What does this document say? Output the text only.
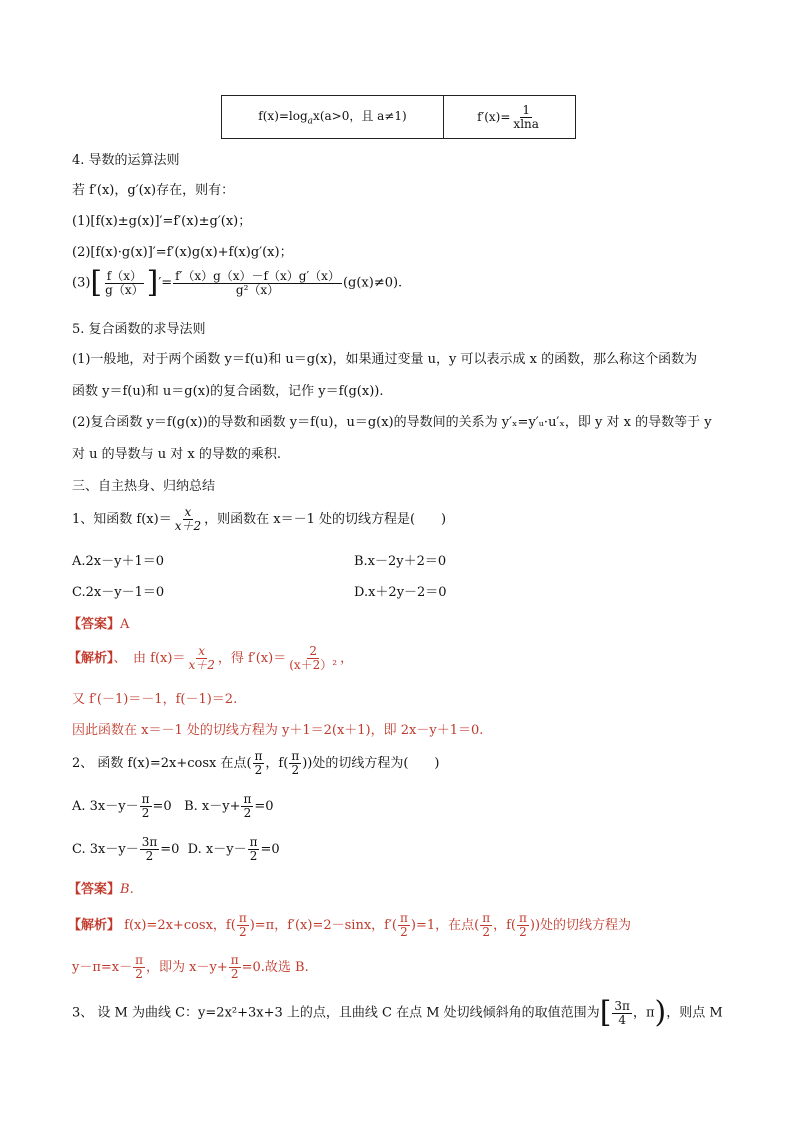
$f(x)=\log_ax(a>0$，且 a≠1)	$f'(x)= \frac{1}{xlna}$
4. 导数的运算法则
若 f′(x)，g′(x)存在，则有：
(1)[f(x)±g(x)]′=f′(x)±g′(x)；
(2)[f(x)·g(x)]′=f′(x)g(x)+f(x)g′(x)；
$(3)[ \frac{f(x)}{g(x)}$ ]′= $\frac{f'(x)g(x)-f(x)g'(x)}{\text{g²（x）}} (g(x)\ne 0)$.
5. 复合函数的求导法则
(1)一般地，对于两个函数 y＝f(u)和 u＝g(x)，如果通过变量 u，y 可以表示成 x 的函数，那么称这个函数为
函数 y＝f(u)和 u＝g(x)的复合函数，记作 y＝f(g(x)).
(2)复合函数 y＝f(g(x))的导数和函数 y＝f(u)，u＝g(x)的导数间的关系为 y′ₓ=y′ᵤ·u′ₓ，即 y 对 x 的导数等于 y
对 u 的导数与 u 对 x 的导数的乘积.
三、自主热身、归纳总结
1、知函数 $f(x)= \frac{x}{x+2}$ ，则函数在 x＝－1 处的切线方程是(　　)
A.2x－y＋1＝0	B.x－2y＋2＝0
C.2x－y－1＝0	D.x＋2y－2＝0
【答案】A
【解析】、　由 $f(x)= \frac{x}{x+2}$ ，得 $f'(x)= \frac{2}{\text{(x＋2）²}}$ ，
又 f′(－1)＝－1，f(－1)＝2.
因此函数在 x＝－1 处的切线方程为 y＋1＝2(x＋1)，即 2x－y＋1＝0.
2、 函数 f(x)=2x+cosx 在点( $\frac{\pi}{2}$ ，$f( \frac{\pi}{2}$ ))处的切线方程为(　　)
A. $3x-y- \frac{\pi}{2} =0$ B. $x-y+ \frac{\pi}{2} =0$
C. $3x-y- \frac{3\pi}{2} =0$ D. $x-y- \frac{\pi}{2} =0$
【答案】B.
【解析】 f(x)=2x+cosx，$f( \frac{\pi}{2} )=\pi$，f′(x)=2－sinx，$f'( \frac{\pi}{2} )=1$，在点( $\frac{\pi}{2}$ ，$f( \frac{\pi}{2}$ ))处的切线方程为
$y-\pi=x- \frac{\pi}{2}$ ，即为 $x-y+ \frac{\pi}{2} =0$.故选 B.
3、 设 M 为曲线 C：y=2x²+3x+3 上的点，且曲线 C 在点 M 处切线倾斜角的取值范围为[ $\frac{3\pi}{4}$ ，π)，则点 M
